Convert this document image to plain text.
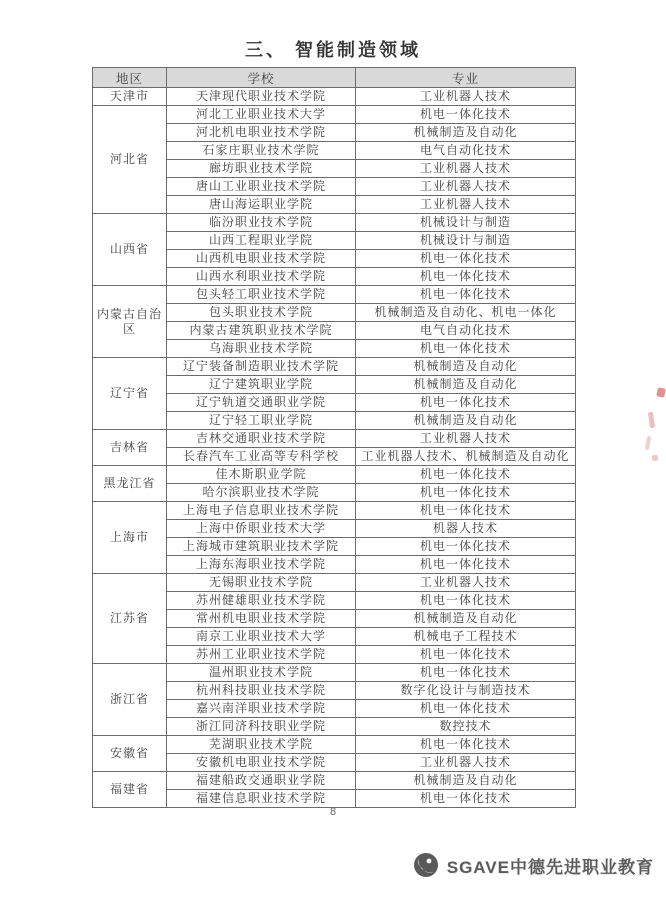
三、 智能制造领域
地区	学校	专业
天津市	天津现代职业技术学院	工业机器人技术
河北省	河北工业职业技术大学	机电一体化技术
	河北机电职业技术学院	机械制造及自动化
	石家庄职业技术学院	电气自动化技术
	廊坊职业技术学院	工业机器人技术
	唐山工业职业技术学院	工业机器人技术
	唐山海运职业学院	工业机器人技术
山西省	临汾职业技术学院	机械设计与制造
	山西工程职业学院	机械设计与制造
	山西机电职业技术学院	机电一体化技术
	山西水利职业技术学院	机电一体化技术
内蒙古自治区	包头轻工职业技术学院	机电一体化技术
	包头职业技术学院	机械制造及自动化、机电一体化
	内蒙古建筑职业技术学院	电气自动化技术
	乌海职业技术学院	机电一体化技术
辽宁省	辽宁装备制造职业技术学院	机械制造及自动化
	辽宁建筑职业学院	机械制造及自动化
	辽宁轨道交通职业学院	机电一体化技术
	辽宁轻工职业学院	机械制造及自动化
吉林省	吉林交通职业技术学院	工业机器人技术
	长春汽车工业高等专科学校	工业机器人技术、机械制造及自动化
黑龙江省	佳木斯职业学院	机电一体化技术
	哈尔滨职业技术学院	机电一体化技术
上海市	上海电子信息职业技术学院	机电一体化技术
	上海中侨职业技术大学	机器人技术
	上海城市建筑职业技术学院	机电一体化技术
	上海东海职业技术学院	机电一体化技术
江苏省	无锡职业技术学院	工业机器人技术
	苏州健雄职业技术学院	机电一体化技术
	常州机电职业技术学院	机械制造及自动化
	南京工业职业技术大学	机械电子工程技术
	苏州工业职业技术学院	机电一体化技术
浙江省	温州职业技术学院	机电一体化技术
	杭州科技职业技术学院	数字化设计与制造技术
	嘉兴南洋职业技术学院	机电一体化技术
	浙江同济科技职业学院	数控技术
安徽省	芜湖职业技术学院	机电一体化技术
	安徽机电职业技术学院	工业机器人技术
福建省	福建船政交通职业学院	机械制造及自动化
	福建信息职业技术学院	机电一体化技术
8
SGAVE中德先进职业教育
